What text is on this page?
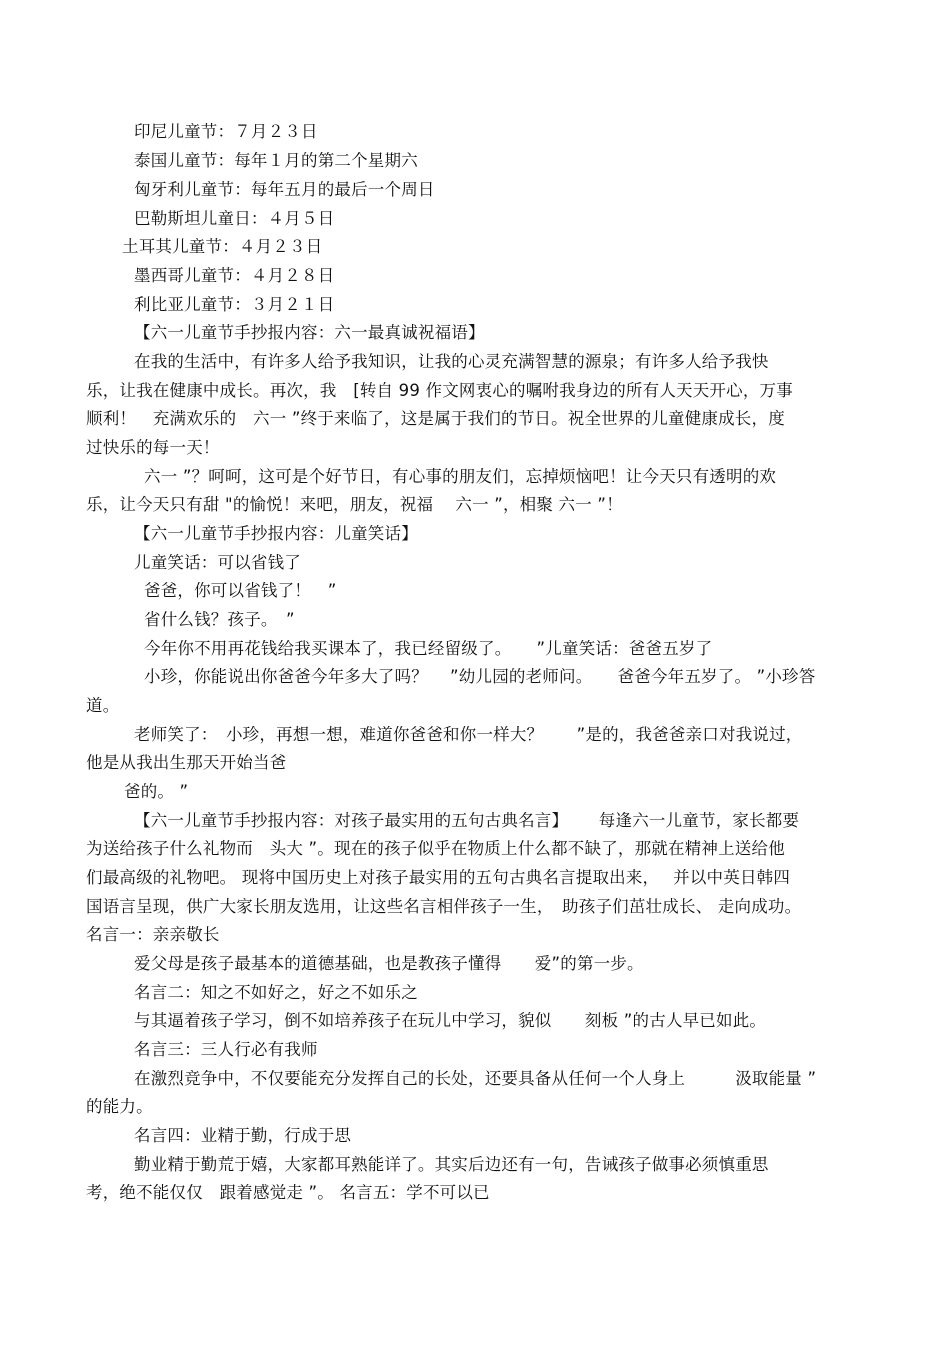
印尼儿童节：７月２３日
泰国儿童节：每年１月的第二个星期六
匈牙利儿童节：每年五月的最后一个周日
巴勒斯坦儿童日：４月５日
土耳其儿童节：４月２３日
墨西哥儿童节：４月２８日
利比亚儿童节：３月２１日
【六一儿童节手抄报内容：六一最真诚祝福语】
在我的生活中，有许多人给予我知识，让我的心灵充满智慧的源泉；有许多人给予我快
乐，让我在健康中成长。再次，我　[转自 99 作文网衷心的嘱咐我身边的所有人天天开心，万事
顺利！　充满欢乐的　六一 ”终于来临了，这是属于我们的节日。祝全世界的儿童健康成长，度
过快乐的每一天！
六一 ”？呵呵，这可是个好节日，有心事的朋友们，忘掉烦恼吧！让今天只有透明的欢
乐，让今天只有甜 "的愉悦！来吧，朋友，祝福　 六一 ”，相聚 六一 ”！
【六一儿童节手抄报内容：儿童笑话】
儿童笑话：可以省钱了
爸爸，你可以省钱了！　”
省什么钱？孩子。　”
今年你不用再花钱给我买课本了，我已经留级了。　　”儿童笑话：爸爸五岁了
小珍，你能说出你爸爸今年多大了吗？　 ”幼儿园的老师问。　　爸爸今年五岁了。 ”小珍答
道。
老师笑了：　小珍，再想一想，难道你爸爸和你一样大？　　”是的，我爸爸亲口对我说过，
他是从我出生那天开始当爸
爸的。 ”
【六一儿童节手抄报内容：对孩子最实用的五句古典名言】　　 每逢六一儿童节，家长都要
为送给孩子什么礼物而　头大 ”。现在的孩子似乎在物质上什么都不缺了，那就在精神上送给他
们最高级的礼物吧。 现将中国历史上对孩子最实用的五句古典名言提取出来，　 并以中英日韩四
国语言呈现，供广大家长朋友选用，让这些名言相伴孩子一生，　助孩子们茁壮成长、 走向成功。
名言一：亲亲敬长
爱父母是孩子最基本的道德基础，也是教孩子懂得　　爱”的第一步。
名言二：知之不如好之，好之不如乐之
与其逼着孩子学习，倒不如培养孩子在玩儿中学习，貌似　　刻板 ”的古人早已如此。
名言三：三人行必有我师
在激烈竞争中，不仅要能充分发挥自己的长处，还要具备从任何一个人身上　　　汲取能量 ”
的能力。
名言四：业精于勤，行成于思
勤业精于勤荒于嬉，大家都耳熟能详了。其实后边还有一句，告诫孩子做事必须慎重思
考，绝不能仅仅　跟着感觉走 ”。 名言五：学不可以已
